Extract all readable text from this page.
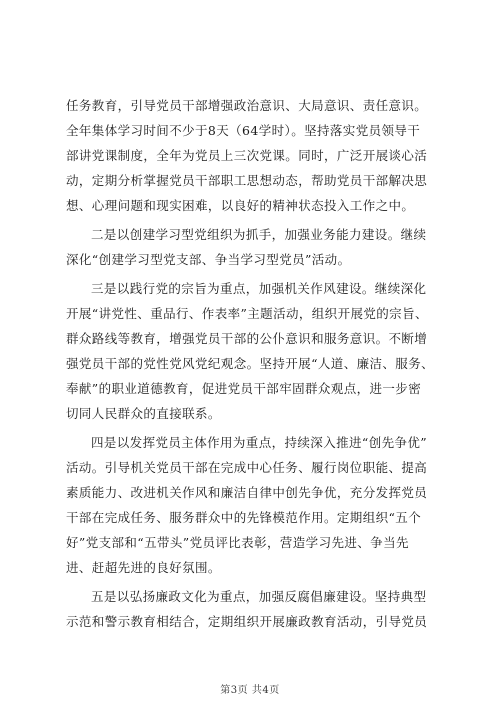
任务教育，引导党员干部增强政治意识、大局意识、责任意识。
全年集体学习时间不少于8天（64学时）。坚持落实党员领导干
部讲党课制度，全年为党员上三次党课。同时，广泛开展谈心活
动，定期分析掌握党员干部职工思想动态，帮助党员干部解决思
想、心理问题和现实困难，以良好的精神状态投入工作之中。

二是以创建学习型党组织为抓手，加强业务能力建设。继续
深化“创建学习型党支部、争当学习型党员”活动。

三是以践行党的宗旨为重点，加强机关作风建设。继续深化
开展“讲党性、重品行、作表率”主题活动，组织开展党的宗旨、
群众路线等教育，增强党员干部的公仆意识和服务意识。不断增
强党员干部的党性党风党纪观念。坚持开展“人道、廉洁、服务、
奉献”的职业道德教育，促进党员干部牢固群众观点，进一步密
切同人民群众的直接联系。

四是以发挥党员主体作用为重点，持续深入推进“创先争优”
活动。引导机关党员干部在完成中心任务、履行岗位职能、提高
素质能力、改进机关作风和廉洁自律中创先争优，充分发挥党员
干部在完成任务、服务群众中的先锋模范作用。定期组织“五个
好”党支部和“五带头”党员评比表彰，营造学习先进、争当先
进、赶超先进的良好氛围。

五是以弘扬廉政文化为重点，加强反腐倡廉建设。坚持典型
示范和警示教育相结合，定期组织开展廉政教育活动，引导党员

第3页 共4页
